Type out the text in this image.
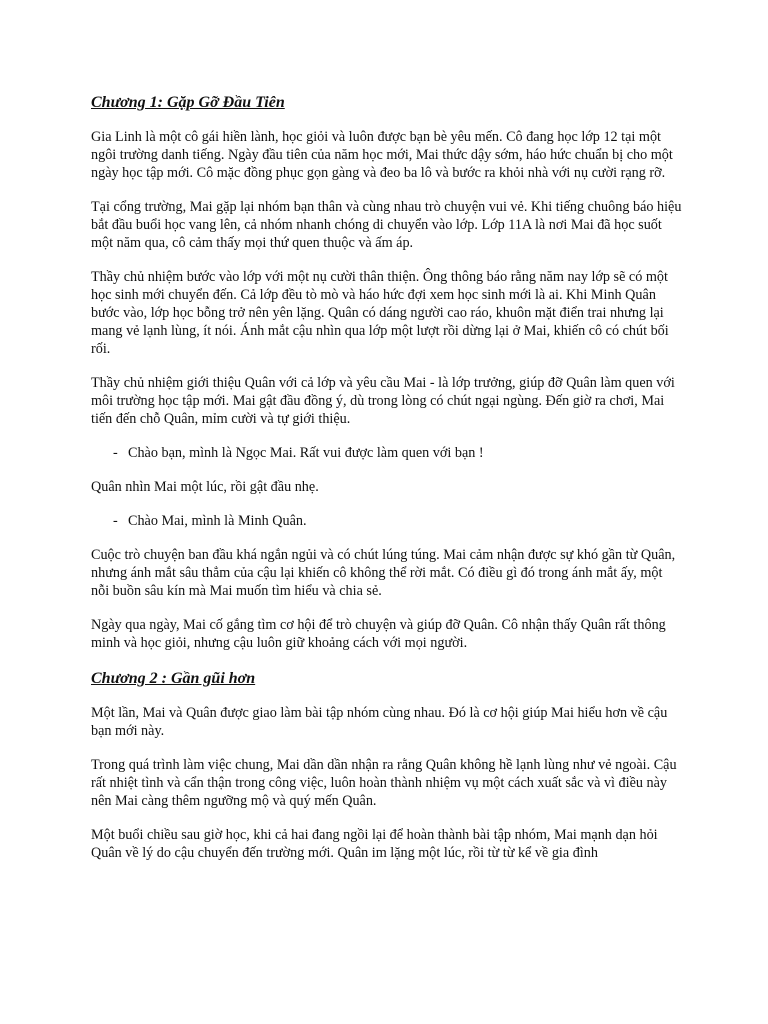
Chương 1: Gặp Gỡ Đầu Tiên

Gia Linh là một cô gái hiền lành, học giỏi và luôn được bạn bè yêu mến. Cô đang học lớp 12 tại một ngôi trường danh tiếng. Ngày đầu tiên của năm học mới, Mai thức dậy sớm, háo hức chuẩn bị cho một ngày học tập mới. Cô mặc đồng phục gọn gàng và đeo ba lô và bước ra khỏi nhà với nụ cười rạng rỡ.

Tại cổng trường, Mai gặp lại nhóm bạn thân và cùng nhau trò chuyện vui vẻ. Khi tiếng chuông báo hiệu bắt đầu buổi học vang lên, cả nhóm nhanh chóng di chuyển vào lớp. Lớp 11A là nơi Mai đã học suốt một năm qua, cô cảm thấy mọi thứ quen thuộc và ấm áp.

Thầy chủ nhiệm bước vào lớp với một nụ cười thân thiện. Ông thông báo rằng năm nay lớp sẽ có một học sinh mới chuyển đến. Cả lớp đều tò mò và háo hức đợi xem học sinh mới là ai. Khi Minh Quân bước vào, lớp học bỗng trở nên yên lặng. Quân có dáng người cao ráo, khuôn mặt điển trai nhưng lại mang vẻ lạnh lùng, ít nói. Ánh mắt cậu nhìn qua lớp một lượt rồi dừng lại ở Mai, khiến cô có chút bối rối.

Thầy chủ nhiệm giới thiệu Quân với cả lớp và yêu cầu Mai - là lớp trưởng, giúp đỡ Quân làm quen với môi trường học tập mới. Mai gật đầu đồng ý, dù trong lòng có chút ngại ngùng. Đến giờ ra chơi, Mai tiến đến chỗ Quân, mỉm cười và tự giới thiệu.

- Chào bạn, mình là Ngọc Mai. Rất vui được làm quen với bạn !

Quân nhìn Mai một lúc, rồi gật đầu nhẹ.

- Chào Mai, mình là Minh Quân.

Cuộc trò chuyện ban đầu khá ngắn ngủi và có chút lúng túng. Mai cảm nhận được sự khó gần từ Quân, nhưng ánh mắt sâu thẳm của cậu lại khiến cô không thể rời mắt. Có điều gì đó trong ánh mắt ấy, một nỗi buồn sâu kín mà Mai muốn tìm hiểu và chia sẻ.

Ngày qua ngày, Mai cố gắng tìm cơ hội để trò chuyện và giúp đỡ Quân. Cô nhận thấy Quân rất thông minh và học giỏi, nhưng cậu luôn giữ khoảng cách với mọi người.

Chương 2 : Gần gũi hơn

Một lần, Mai và Quân được giao làm bài tập nhóm cùng nhau. Đó là cơ hội giúp Mai hiểu hơn về cậu bạn mới này.

Trong quá trình làm việc chung, Mai dần dần nhận ra rằng Quân không hề lạnh lùng như vẻ ngoài. Cậu rất nhiệt tình và cẩn thận trong công việc, luôn hoàn thành nhiệm vụ một cách xuất sắc và vì điều này nên Mai càng thêm ngưỡng mộ và quý mến Quân.

Một buổi chiều sau giờ học, khi cả hai đang ngồi lại để hoàn thành bài tập nhóm, Mai mạnh dạn hỏi Quân về lý do cậu chuyển đến trường mới. Quân im lặng một lúc, rồi từ từ kể về gia đình
